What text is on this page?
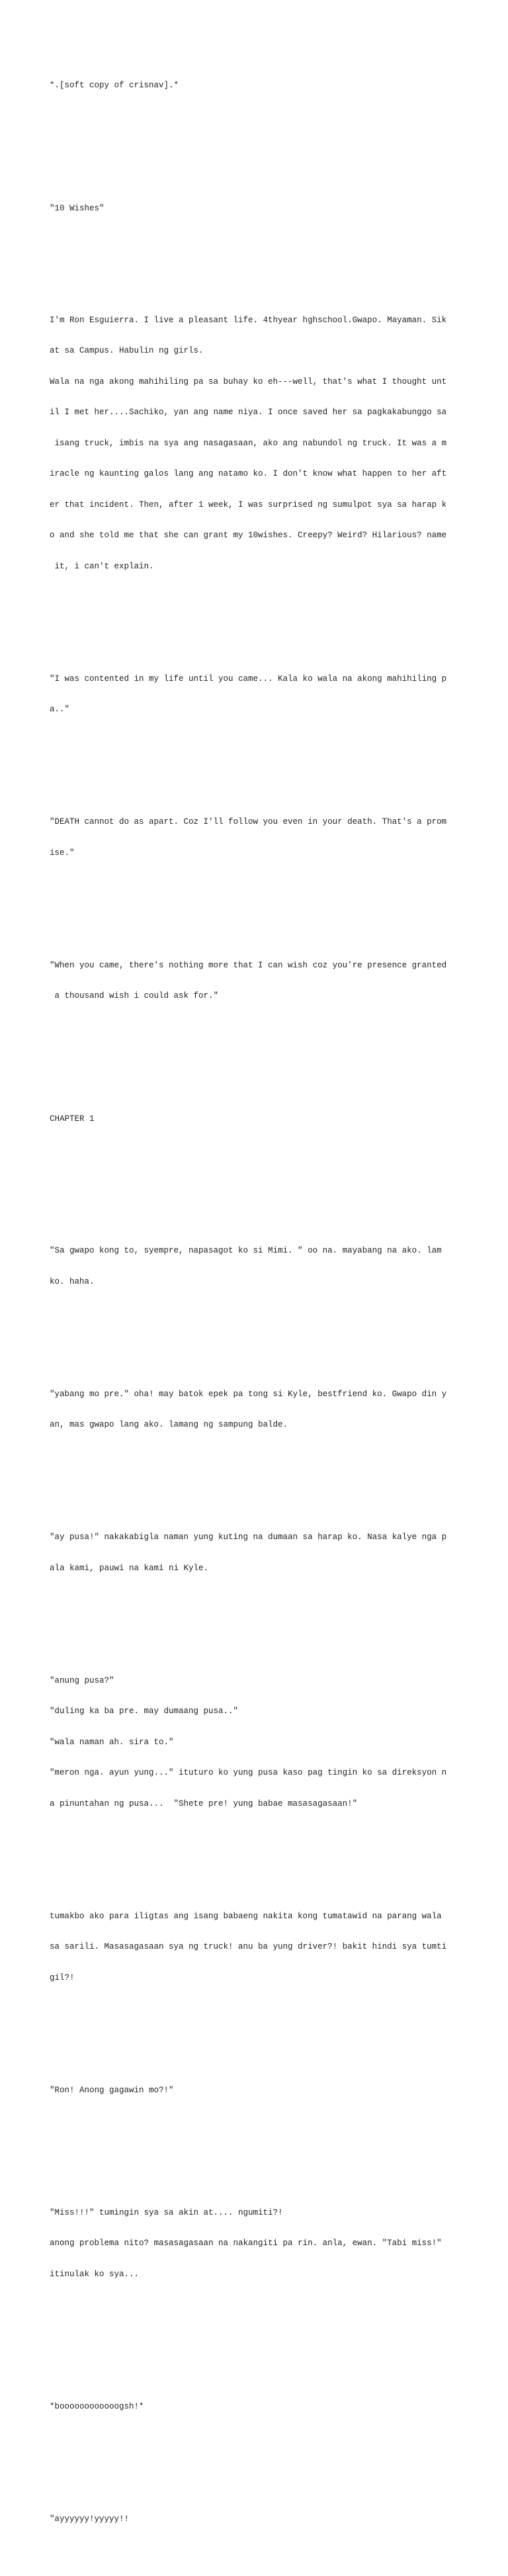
*.[soft copy of crisnav].*

"10 Wishes"

I'm Ron Esguierra. I live a pleasant life. 4thyear hghschool.Gwapo. Mayaman. Sik

at sa Campus. Habulin ng girls.

Wala na nga akong mahihiling pa sa buhay ko eh---well, that's what I thought unt

il I met her....Sachiko, yan ang name niya. I once saved her sa pagkakabunggo sa

isang truck, imbis na sya ang nasagasaan, ako ang nabundol ng truck. It was a m

iracle ng kaunting galos lang ang natamo ko. I don't know what happen to her aft

er that incident. Then, after 1 week, I was surprised ng sumulpot sya sa harap k

o and she told me that she can grant my 10wishes. Creepy? Weird? Hilarious? name

it, i can't explain.

"I was contented in my life until you came... Kala ko wala na akong mahihiling p

a.."

"DEATH cannot do as apart. Coz I'll follow you even in your death. That's a prom

ise."

"When you came, there's nothing more that I can wish coz you're presence granted

a thousand wish i could ask for."

CHAPTER 1

"Sa gwapo kong to, syempre, napasagot ko si Mimi. " oo na. mayabang na ako. lam

ko. haha.

"yabang mo pre." oha! may batok epek pa tong si Kyle, bestfriend ko. Gwapo din y

an, mas gwapo lang ako. lamang ng sampung balde.

"ay pusa!" nakakabigla naman yung kuting na dumaan sa harap ko. Nasa kalye nga p

ala kami, pauwi na kami ni Kyle.

"anung pusa?"

"duling ka ba pre. may dumaang pusa.."

"wala naman ah. sira to."

"meron nga. ayun yung..." ituturo ko yung pusa kaso pag tingin ko sa direksyon n

a pinuntahan ng pusa...  "Shete pre! yung babae masasagasaan!"

tumakbo ako para iligtas ang isang babaeng nakita kong tumatawid na parang wala

sa sarili. Masasagasaan sya ng truck! anu ba yung driver?! bakit hindi sya tumti

gil?!

"Ron! Anong gagawin mo?!"

"Miss!!!" tumingin sya sa akin at.... ngumiti?!

anong problema nito? masasagasaan na nakangiti pa rin. anla, ewan. "Tabi miss!"

itinulak ko sya...

*boooooooooooogsh!*

"ayyyyyy!yyyyy!!
